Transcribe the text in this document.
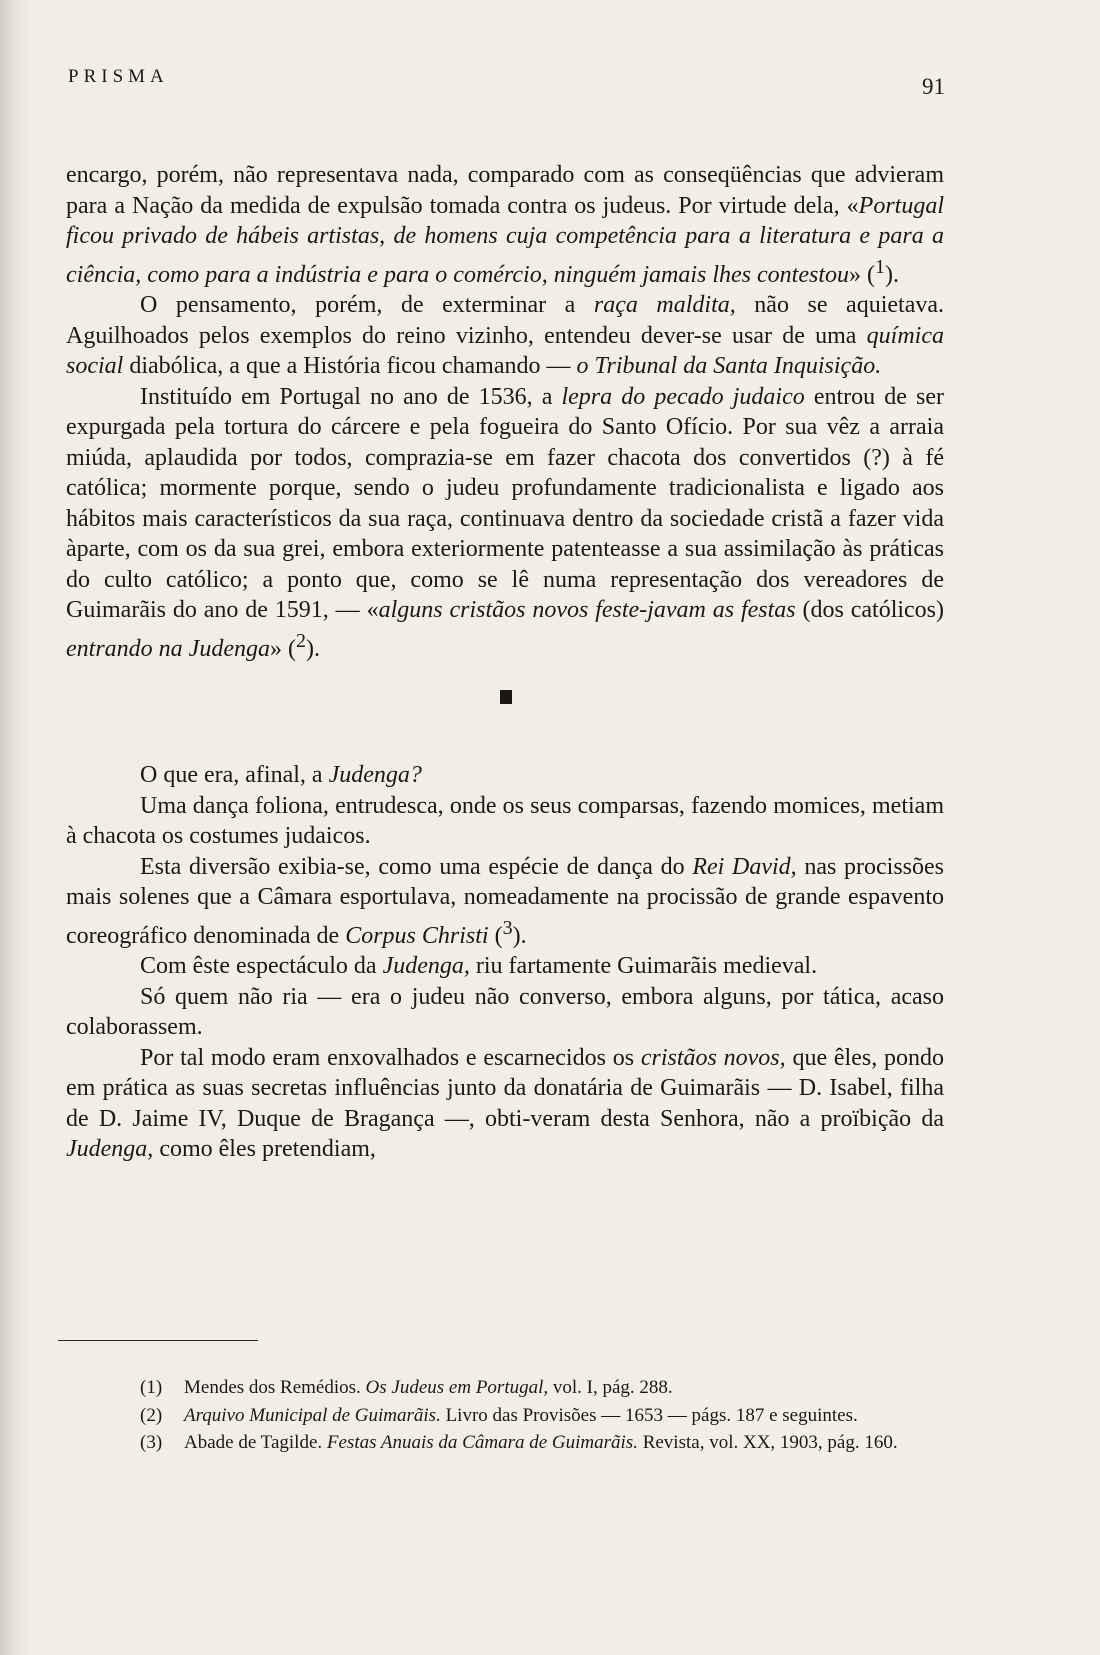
PRISMA	91

encargo, porém, não representava nada, comparado com as conseqüências que advieram para a Nação da medida de expulsão tomada contra os judeus. Por virtude dela, «Portugal ficou privado de hábeis artistas, de homens cuja competência para a literatura e para a ciência, como para a indústria e para o comércio, ninguém jamais lhes contestou» ($^1$).

O pensamento, porém, de exterminar a raça maldita, não se aquietava. Aguilhoados pelos exemplos do reino vizinho, entendeu dever-se usar de uma química social diabólica, a que a História ficou chamando — o Tribunal da Santa Inquisição.

Instituído em Portugal no ano de 1536, a lepra do pecado judaico entrou de ser expurgada pela tortura do cárcere e pela fogueira do Santo Ofício. Por sua vêz a arraia miúda, aplaudida por todos, comprazia-se em fazer chacota dos convertidos (?) à fé católica; mormente porque, sendo o judeu profundamente tradicionalista e ligado aos hábitos mais característicos da sua raça, continuava dentro da sociedade cristã a fazer vida àparte, com os da sua grei, embora exteriormente patenteasse a sua assimilação às práticas do culto católico; a ponto que, como se lê numa representação dos vereadores de Guimarãis do ano de 1591, — «alguns cristãos novos feste-javam as festas (dos católicos) entrando na Judenga» ($^2$).

O que era, afinal, a Judenga?

Uma dança foliona, entrudesca, onde os seus comparsas, fazendo momices, metiam à chacota os costumes judaicos.

Esta diversão exibia-se, como uma espécie de dança do Rei David, nas procissões mais solenes que a Câmara esportulava, nomeadamente na procissão de grande espavento coreográfico denominada de Corpus Christi ($^3$).

Com êste espectáculo da Judenga, riu fartamente Guimarãis medieval.

Só quem não ria — era o judeu não converso, embora alguns, por tática, acaso colaborassem.

Por tal modo eram enxovalhados e escarnecidos os cristãos novos, que êles, pondo em prática as suas secretas influências junto da donatária de Guimarãis — D. Isabel, filha de D. Jaime IV, Duque de Bragança —, obti-veram desta Senhora, não a proïbição da Judenga, como êles pretendiam,

(1) Mendes dos Remédios. Os Judeus em Portugal, vol. I, pág. 288.

(2) Arquivo Municipal de Guimarãis. Livro das Provisões — 1653 — págs. 187 e seguintes.

(3) Abade de Tagilde. Festas Anuais da Câmara de Guimarãis. Revista, vol. XX, 1903, pág. 160.
